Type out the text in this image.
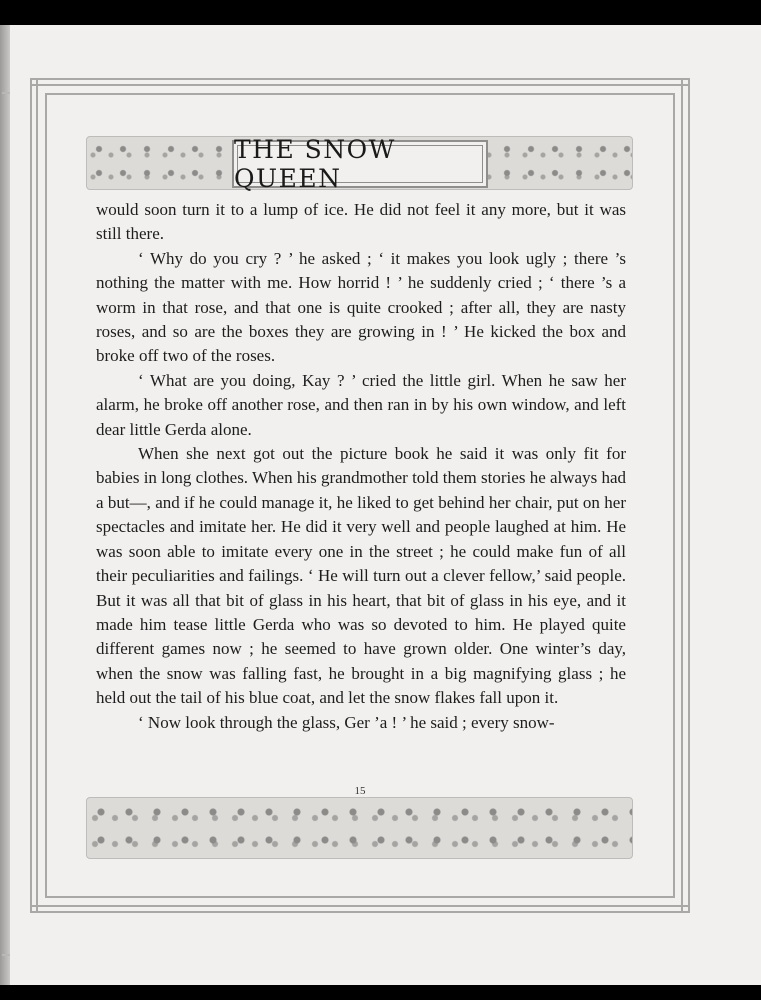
THE SNOW QUEEN

would soon turn it to a lump of ice. He did not feel it any more, but it was still there.

‘ Why do you cry ? ’ he asked ; ‘ it makes you look ugly ; there ’s nothing the matter with me. How horrid ! ’ he suddenly cried ; ‘ there ’s a worm in that rose, and that one is quite crooked ; after all, they are nasty roses, and so are the boxes they are growing in ! ’ He kicked the box and broke off two of the roses.

‘ What are you doing, Kay ? ’ cried the little girl. When he saw her alarm, he broke off another rose, and then ran in by his own window, and left dear little Gerda alone.

When she next got out the picture book he said it was only fit for babies in long clothes. When his grandmother told them stories he always had a but—, and if he could manage it, he liked to get behind her chair, put on her spectacles and imitate her. He did it very well and people laughed at him. He was soon able to imitate every one in the street ; he could make fun of all their peculiarities and failings. ‘ He will turn out a clever fellow,’ said people. But it was all that bit of glass in his heart, that bit of glass in his eye, and it made him tease little Gerda who was so devoted to him. He played quite different games now ; he seemed to have grown older. One winter’s day, when the snow was falling fast, he brought in a big magnifying glass ; he held out the tail of his blue coat, and let the snow flakes fall upon it.

‘ Now look through the glass, Ger ’a ! ’ he said ; every snow-

15
